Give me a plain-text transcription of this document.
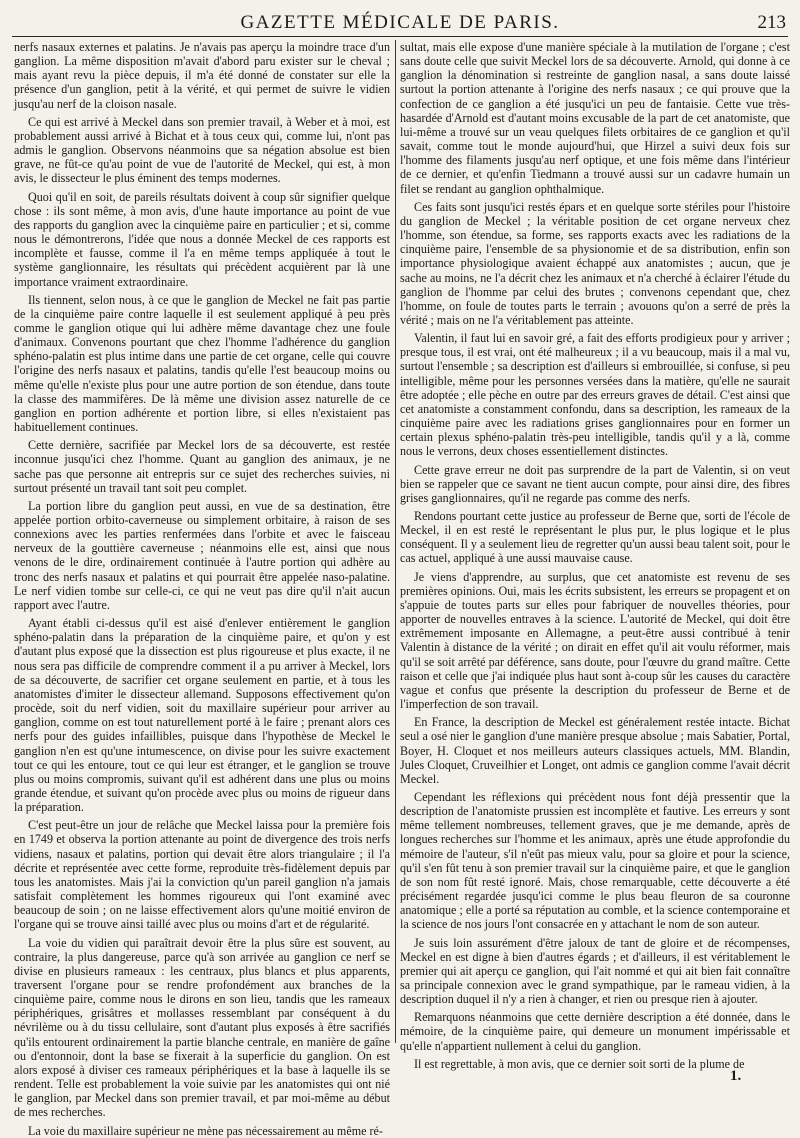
GAZETTE MÉDICALE DE PARIS.	213

nerfs nasaux externes et palatins. Je n'avais pas aperçu la moindre trace d'un ganglion. La même disposition m'avait d'abord paru exister sur le cheval ; mais ayant revu la pièce depuis, il m'a été donné de constater sur elle la présence d'un ganglion, petit à la vérité, et qui permet de suivre le vidien jusqu'au nerf de la cloison nasale.

Ce qui est arrivé à Meckel dans son premier travail, à Weber et à moi, est probablement aussi arrivé à Bichat et à tous ceux qui, comme lui, n'ont pas admis le ganglion. Observons néanmoins que sa négation absolue est bien grave, ne fût-ce qu'au point de vue de l'autorité de Meckel, qui est, à mon avis, le dissecteur le plus éminent des temps modernes.

Quoi qu'il en soit, de pareils résultats doivent à coup sûr signifier quelque chose : ils sont même, à mon avis, d'une haute importance au point de vue des rapports du ganglion avec la cinquième paire en particulier ; et si, comme nous le démontrerons, l'idée que nous a donnée Meckel de ces rapports est incomplète et fausse, comme il l'a en même temps appliquée à tout le système ganglionnaire, les résultats qui précèdent acquièrent par là une importance vraiment extraordinaire.

Ils tiennent, selon nous, à ce que le ganglion de Meckel ne fait pas partie de la cinquième paire contre laquelle il est seulement appliqué à peu près comme le ganglion otique qui lui adhère même davantage chez une foule d'animaux. Convenons pourtant que chez l'homme l'adhérence du ganglion sphéno-palatin est plus intime dans une partie de cet organe, celle qui couvre l'origine des nerfs nasaux et palatins, tandis qu'elle l'est beaucoup moins ou même qu'elle n'existe plus pour une autre portion de son étendue, dans toute la classe des mammifères. De là même une division assez naturelle de ce ganglion en portion adhérente et portion libre, si elles n'existaient pas habituellement continues.

Cette dernière, sacrifiée par Meckel lors de sa découverte, est restée inconnue jusqu'ici chez l'homme. Quant au ganglion des animaux, je ne sache pas que personne ait entrepris sur ce sujet des recherches suivies, ni surtout présenté un travail tant soit peu complet.

La portion libre du ganglion peut aussi, en vue de sa destination, être appelée portion orbito-caverneuse ou simplement orbitaire, à raison de ses connexions avec les parties renfermées dans l'orbite et avec le faisceau nerveux de la gouttière caverneuse ; néanmoins elle est, ainsi que nous venons de le dire, ordinairement continuée à l'autre portion qui adhère au tronc des nerfs nasaux et palatins et qui pourrait être appelée naso-palatine. Le nerf vidien tombe sur celle-ci, ce qui ne veut pas dire qu'il n'ait aucun rapport avec l'autre.

Ayant établi ci-dessus qu'il est aisé d'enlever entièrement le ganglion sphéno-palatin dans la préparation de la cinquième paire, et qu'on y est d'autant plus exposé que la dissection est plus rigoureuse et plus exacte, il ne nous sera pas difficile de comprendre comment il a pu arriver à Meckel, lors de sa découverte, de sacrifier cet organe seulement en partie, et à tous les anatomistes d'imiter le dissecteur allemand. Supposons effectivement qu'on procède, soit du nerf vidien, soit du maxillaire supérieur pour arriver au ganglion, comme on est tout naturellement porté à le faire ; prenant alors ces nerfs pour des guides infaillibles, puisque dans l'hypothèse de Meckel le ganglion n'en est qu'une intumescence, on divise pour les suivre exactement tout ce qui les entoure, tout ce qui leur est étranger, et le ganglion se trouve plus ou moins compromis, suivant qu'il est adhérent dans une plus ou moins grande étendue, et suivant qu'on procède avec plus ou moins de rigueur dans la préparation.

C'est peut-être un jour de relâche que Meckel laissa pour la première fois en 1749 et observa la portion attenante au point de divergence des trois nerfs vidiens, nasaux et palatins, portion qui devait être alors triangulaire ; il l'a décrite et représentée avec cette forme, reproduite très-fidèlement depuis par tous les anatomistes. Mais j'ai la conviction qu'un pareil ganglion n'a jamais satisfait complètement les hommes rigoureux qui l'ont examiné avec beaucoup de soin ; on ne laisse effectivement alors qu'une moitié environ de l'organe qui se trouve ainsi taillé avec plus ou moins d'art et de régularité.

La voie du vidien qui paraîtrait devoir être la plus sûre est souvent, au contraire, la plus dangereuse, parce qu'à son arrivée au ganglion ce nerf se divise en plusieurs rameaux : les centraux, plus blancs et plus apparents, traversent l'organe pour se rendre profondément aux branches de la cinquième paire, comme nous le dirons en son lieu, tandis que les rameaux périphériques, grisâtres et mollasses ressemblant par conséquent à du névrilème ou à du tissu cellulaire, sont d'autant plus exposés à être sacrifiés qu'ils entourent ordinairement la partie blanche centrale, en manière de gaîne ou d'entonnoir, dont la base se fixerait à la superficie du ganglion. On est alors exposé à diviser ces rameaux périphériques et la base à laquelle ils se rendent. Telle est probablement la voie suivie par les anatomistes qui ont nié le ganglion, par Meckel dans son premier travail, et par moi-même au début de mes recherches.

La voie du maxillaire supérieur ne mène pas nécessairement au même ré-

sultat, mais elle expose d'une manière spéciale à la mutilation de l'organe ; c'est sans doute celle que suivit Meckel lors de sa découverte. Arnold, qui donne à ce ganglion la dénomination si restreinte de ganglion nasal, a sans doute laissé surtout la portion attenante à l'origine des nerfs nasaux ; ce qui prouve que la confection de ce ganglion a été jusqu'ici un peu de fantaisie. Cette vue très-hasardée d'Arnold est d'autant moins excusable de la part de cet anatomiste, que lui-même a trouvé sur un veau quelques filets orbitaires de ce ganglion et qu'il savait, comme tout le monde aujourd'hui, que Hirzel a suivi deux fois sur l'homme des filaments jusqu'au nerf optique, et une fois même dans l'intérieur de ce dernier, et qu'enfin Tiedmann a trouvé aussi sur un cadavre humain un filet se rendant au ganglion ophthalmique.

Ces faits sont jusqu'ici restés épars et en quelque sorte stériles pour l'histoire du ganglion de Meckel ; la véritable position de cet organe nerveux chez l'homme, son étendue, sa forme, ses rapports exacts avec les radiations de la cinquième paire, l'ensemble de sa physionomie et de sa distribution, enfin son importance physiologique avaient échappé aux anatomistes ; aucun, que je sache au moins, ne l'a décrit chez les animaux et n'a cherché à éclairer l'étude du ganglion de l'homme par celui des brutes ; convenons cependant que, chez l'homme, on foule de toutes parts le terrain ; avouons qu'on a serré de près la vérité ; mais on ne l'a véritablement pas atteinte.

Valentin, il faut lui en savoir gré, a fait des efforts prodigieux pour y arriver ; presque tous, il est vrai, ont été malheureux ; il a vu beaucoup, mais il a mal vu, surtout l'ensemble ; sa description est d'ailleurs si embrouillée, si confuse, si peu intelligible, même pour les personnes versées dans la matière, qu'elle ne saurait être adoptée ; elle pèche en outre par des erreurs graves de détail. C'est ainsi que cet anatomiste a constamment confondu, dans sa description, les rameaux de la cinquième paire avec les radiations grises ganglionnaires pour en former un certain plexus sphéno-palatin très-peu intelligible, tandis qu'il y a là, comme nous le verrons, deux choses essentiellement distinctes.

Cette grave erreur ne doit pas surprendre de la part de Valentin, si on veut bien se rappeler que ce savant ne tient aucun compte, pour ainsi dire, des fibres grises ganglionnaires, qu'il ne regarde pas comme des nerfs.

Rendons pourtant cette justice au professeur de Berne que, sorti de l'école de Meckel, il en est resté le représentant le plus pur, le plus logique et le plus conséquent. Il y a seulement lieu de regretter qu'un aussi beau talent soit, pour le cas actuel, appliqué à une aussi mauvaise cause.

Je viens d'apprendre, au surplus, que cet anatomiste est revenu de ses premières opinions. Oui, mais les écrits subsistent, les erreurs se propagent et on s'appuie de toutes parts sur elles pour fabriquer de nouvelles théories, pour apporter de nouvelles entraves à la science. L'autorité de Meckel, qui doit être extrêmement imposante en Allemagne, a peut-être aussi contribué à tenir Valentin à distance de la vérité ; on dirait en effet qu'il ait voulu réformer, mais qu'il se soit arrêté par déférence, sans doute, pour l'œuvre du grand maître. Cette raison et celle que j'ai indiquée plus haut sont à-coup sûr les causes du caractère vague et confus que présente la description du professeur de Berne et de l'imperfection de son travail.

En France, la description de Meckel est généralement restée intacte. Bichat seul a osé nier le ganglion d'une manière presque absolue ; mais Sabatier, Portal, Boyer, H. Cloquet et nos meilleurs auteurs classiques actuels, MM. Blandin, Jules Cloquet, Cruveilhier et Longet, ont admis ce ganglion comme l'avait décrit Meckel.

Cependant les réflexions qui précèdent nous font déjà pressentir que la description de l'anatomiste prussien est incomplète et fautive. Les erreurs y sont même tellement nombreuses, tellement graves, que je me demande, après de longues recherches sur l'homme et les animaux, après une étude approfondie du mémoire de l'auteur, s'il n'eût pas mieux valu, pour sa gloire et pour la science, qu'il s'en fût tenu à son premier travail sur la cinquième paire, et que le ganglion de son nom fût resté ignoré. Mais, chose remarquable, cette découverte a été précisément regardée jusqu'ici comme le plus beau fleuron de sa couronne anatomique ; elle a porté sa réputation au comble, et la science contemporaine et la science de nos jours l'ont consacrée en y attachant le nom de son auteur.

Je suis loin assurément d'être jaloux de tant de gloire et de récompenses, Meckel en est digne à bien d'autres égards ; et d'ailleurs, il est véritablement le premier qui ait aperçu ce ganglion, qui l'ait nommé et qui ait bien fait connaître sa principale connexion avec le grand sympathique, par le rameau vidien, à la description duquel il n'y a rien à changer, et rien ou presque rien à ajouter.

Remarquons néanmoins que cette dernière description a été donnée, dans le mémoire, de la cinquième paire, qui demeure un monument impérissable et qu'elle n'appartient nullement à celui du ganglion.

Il est regrettable, à mon avis, que ce dernier soit sorti de la plume de

1.
